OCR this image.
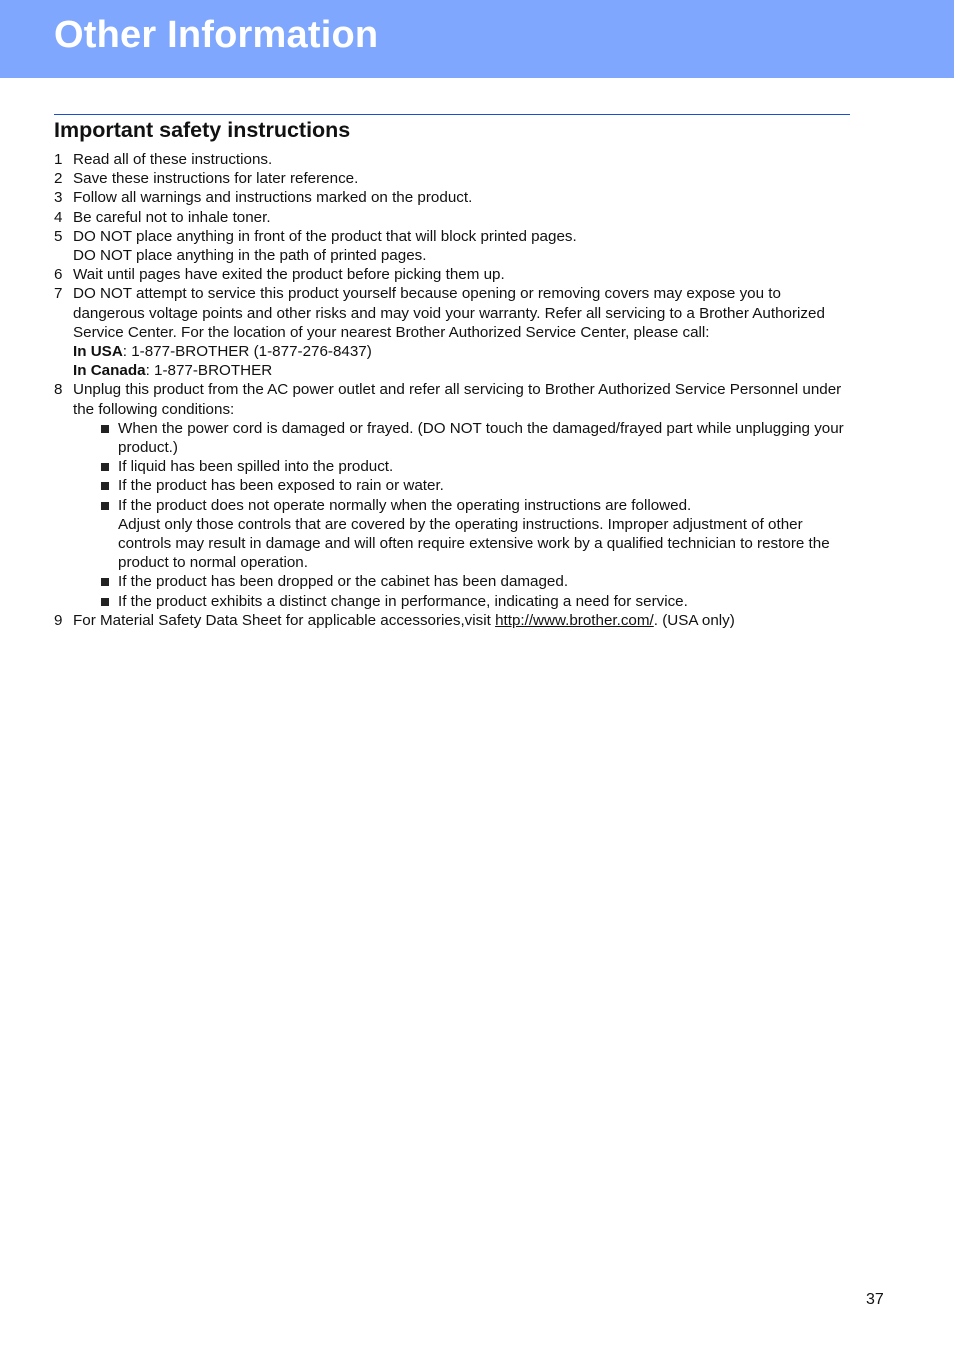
Other Information
Important safety instructions
1 Read all of these instructions.
2 Save these instructions for later reference.
3 Follow all warnings and instructions marked on the product.
4 Be careful not to inhale toner.
5 DO NOT place anything in front of the product that will block printed pages.
DO NOT place anything in the path of printed pages.
6 Wait until pages have exited the product before picking them up.
7 DO NOT attempt to service this product yourself because opening or removing covers may expose you to dangerous voltage points and other risks and may void your warranty. Refer all servicing to a Brother Authorized Service Center. For the location of your nearest Brother Authorized Service Center, please call:
In USA: 1-877-BROTHER (1-877-276-8437)
In Canada: 1-877-BROTHER
8 Unplug this product from the AC power outlet and refer all servicing to Brother Authorized Service Personnel under the following conditions:
When the power cord is damaged or frayed. (DO NOT touch the damaged/frayed part while unplugging your product.)
If liquid has been spilled into the product.
If the product has been exposed to rain or water.
If the product does not operate normally when the operating instructions are followed.
Adjust only those controls that are covered by the operating instructions. Improper adjustment of other controls may result in damage and will often require extensive work by a qualified technician to restore the product to normal operation.
If the product has been dropped or the cabinet has been damaged.
If the product exhibits a distinct change in performance, indicating a need for service.
9 For Material Safety Data Sheet for applicable accessories,visit http://www.brother.com/. (USA only)
37
